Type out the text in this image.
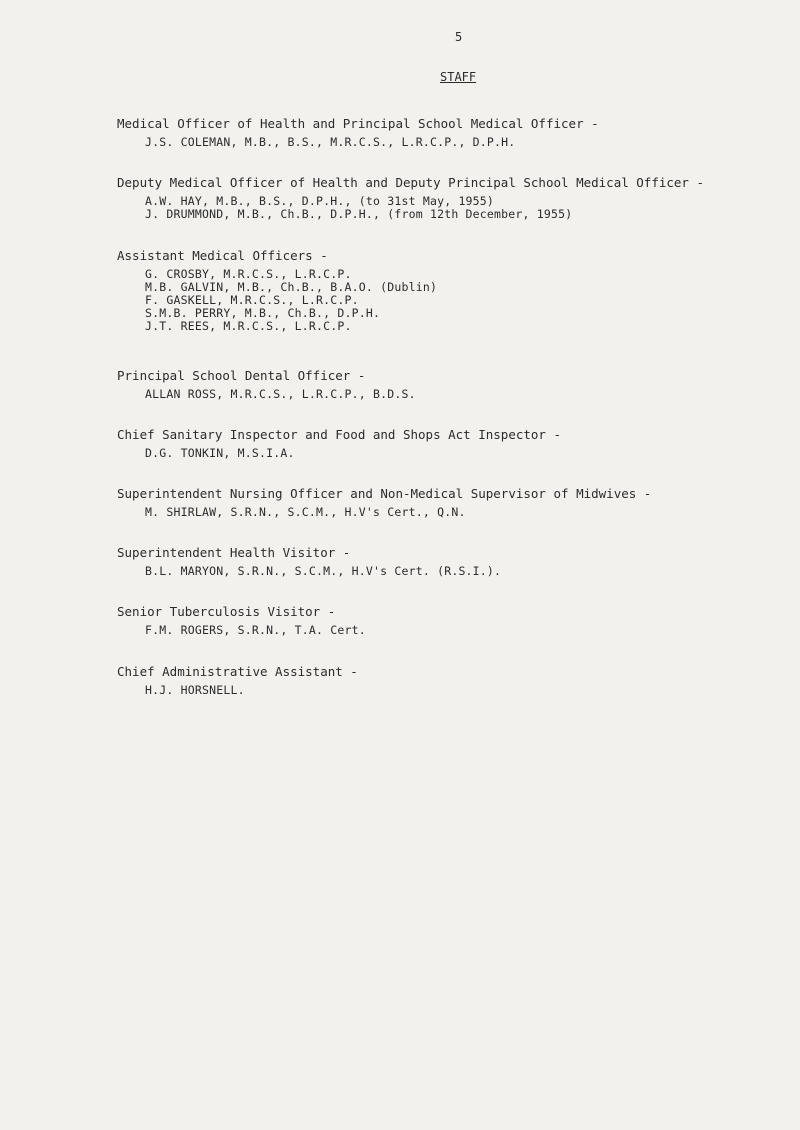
5
STAFF
Medical Officer of Health and Principal School Medical Officer -
J.S. COLEMAN, M.B., B.S., M.R.C.S., L.R.C.P., D.P.H.
Deputy Medical Officer of Health and Deputy Principal School Medical Officer -
A.W. HAY, M.B., B.S., D.P.H., (to 31st May, 1955)
J. DRUMMOND, M.B., Ch.B., D.P.H., (from 12th December, 1955)
Assistant Medical Officers -
G. CROSBY, M.R.C.S., L.R.C.P.
M.B. GALVIN, M.B., Ch.B., B.A.O. (Dublin)
F. GASKELL, M.R.C.S., L.R.C.P.
S.M.B. PERRY, M.B., Ch.B., D.P.H.
J.T. REES, M.R.C.S., L.R.C.P.
Principal School Dental Officer -
ALLAN ROSS, M.R.C.S., L.R.C.P., B.D.S.
Chief Sanitary Inspector and Food and Shops Act Inspector -
D.G. TONKIN, M.S.I.A.
Superintendent Nursing Officer and Non-Medical Supervisor of Midwives -
M. SHIRLAW, S.R.N., S.C.M., H.V's Cert., Q.N.
Superintendent Health Visitor -
B.L. MARYON, S.R.N., S.C.M., H.V's Cert. (R.S.I.).
Senior Tuberculosis Visitor -
F.M. ROGERS, S.R.N., T.A. Cert.
Chief Administrative Assistant -
H.J. HORSNELL.
